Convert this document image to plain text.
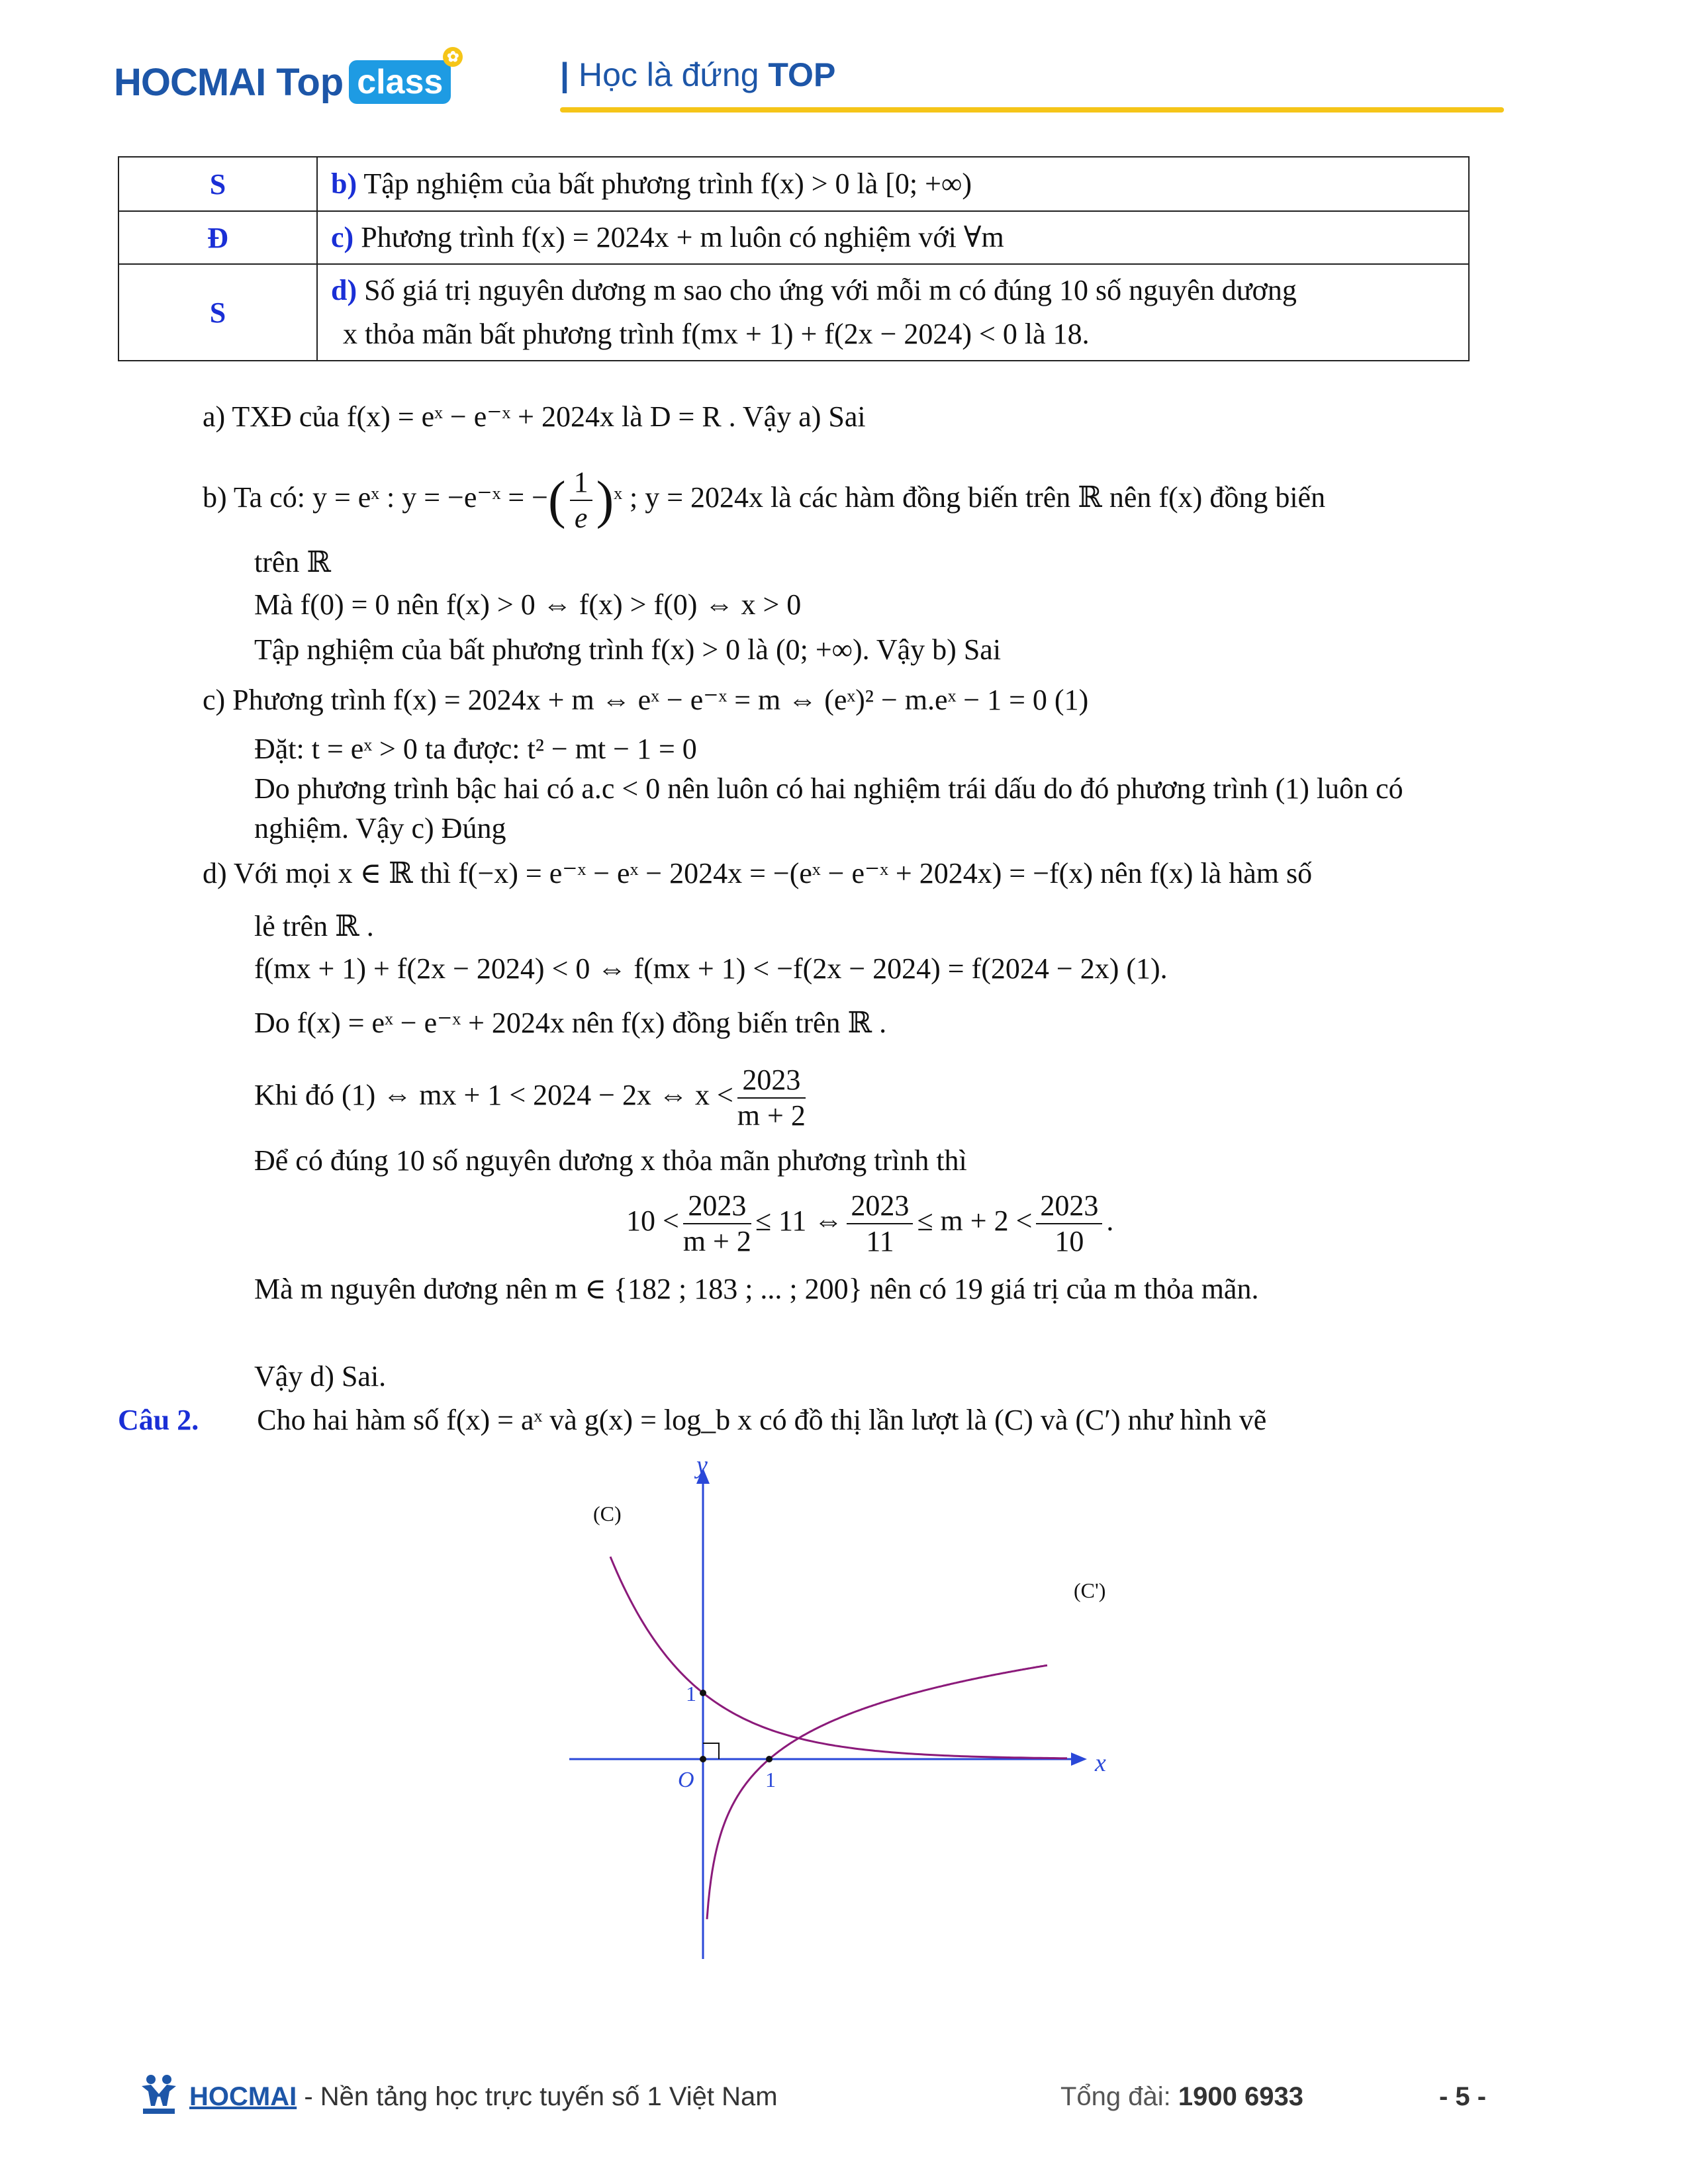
HOCMAI Top class
✿	| Học là đứng TOP
S	b) Tập nghiệm của bất phương trình f(x) > 0 là [0; +∞)
Đ	c) Phương trình f(x) = 2024x + m luôn có nghiệm với ∀m
S	d) Số giá trị nguyên dương m sao cho ứng với mỗi m có đúng 10 số nguyên dương
x thỏa mãn bất phương trình f(mx + 1) + f(2x − 2024) < 0 là 18.
a) TXĐ của f(x) = eˣ − e⁻ˣ + 2024x là D = R . Vậy a) Sai
b) Ta có: y = eˣ : y = −e⁻ˣ = −( $\frac{1}{e}$ )ˣ ; y = 2024x là các hàm đồng biến trên ℝ nên f(x) đồng biến
trên ℝ
Mà f(0) = 0 nên f(x) > 0 ⇔ f(x) > f(0) ⇔ x > 0
Tập nghiệm của bất phương trình f(x) > 0 là (0; +∞). Vậy b) Sai
c) Phương trình f(x) = 2024x + m ⇔ eˣ − e⁻ˣ = m ⇔ (eˣ)² − m.eˣ − 1 = 0 (1)
Đặt: t = eˣ > 0 ta được: t² − mt − 1 = 0
Do phương trình bậc hai có a.c < 0 nên luôn có hai nghiệm trái dấu do đó phương trình (1) luôn có
nghiệm. Vậy c) Đúng
d) Với mọi x ∈ ℝ thì f(−x) = e⁻ˣ − eˣ − 2024x = −(eˣ − e⁻ˣ + 2024x) = −f(x) nên f(x) là hàm số
lẻ trên ℝ .
f(mx + 1) + f(2x − 2024) < 0 ⇔ f(mx + 1) < −f(2x − 2024) = f(2024 − 2x) (1).
Do f(x) = eˣ − e⁻ˣ + 2024x nên f(x) đồng biến trên ℝ .
Khi đó (1) ⇔ mx + 1 < 2024 − 2x ⇔ $x < \frac{2023}{m + 2}$
Để có đúng 10 số nguyên dương x thỏa mãn phương trình thì
$10 < \frac{2023}{m + 2} \le 11$ ⇔ $\frac{2023}{11} \le m + 2 < \frac{2023}{10}$ .
Mà m nguyên dương nên m ∈ {182 ; 183 ; ... ; 200} nên có 19 giá trị của m thỏa mãn.
Vậy d) Sai.
Câu 2. Cho hai hàm số f(x) = aˣ và g(x) = log_b x có đồ thị lần lượt là (C) và (C′) như hình vẽ
y
x
O
1
1
(C)
(C')
HOCMAI - Nền tảng học trực tuyến số 1 Việt Nam	Tổng đài: 1900 6933	- 5 -
